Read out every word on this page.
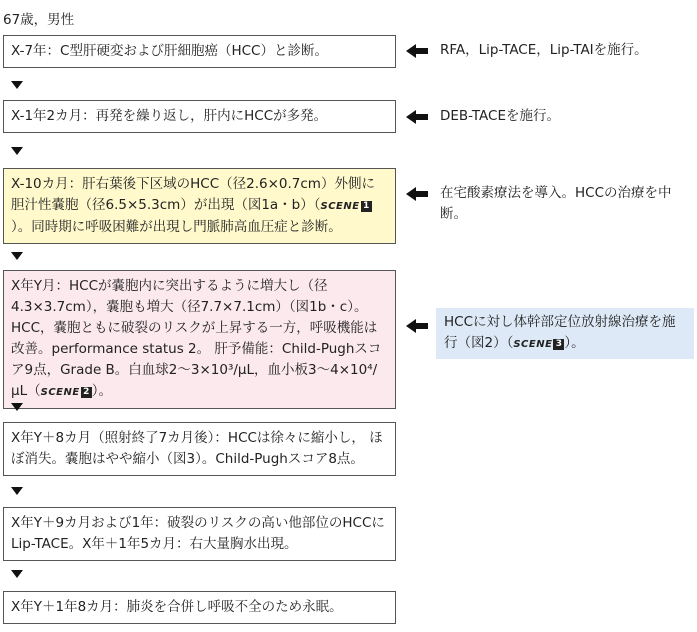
67歳，男性
X-7年：C型肝硬変および肝細胞癌（HCC）と診断。	RFA，Lip-TACE，Lip-TAIを施行。
X-1年2カ月：再発を繰り返し，肝内にHCCが多発。	DEB-TACEを施行。
X-10カ月：肝右葉後下区域のHCC（径2.6×0.7cm）外側に胆汁性嚢胞（径6.5×5.3cm）が出現（図1a・b）（SCENE 1）。同時期に呼吸困難が出現し門脈肺高血圧症と診断。
在宅酸素療法を導入。HCCの治療を中断。
X年Y月：HCCが嚢胞内に突出するように増大し（径4.3×3.7cm），嚢胞も増大（径7.7×7.1cm）（図1b・c）。HCC，嚢胞ともに破裂のリスクが上昇する一方，呼吸機能は改善。performance status 2。 肝予備能：Child-Pughスコア9点，Grade B。白血球2～3×10³/μL，血小板3～4×10⁴/μL（SCENE 2 ）。
HCCに対し体幹部定位放射線治療を施行（図2）（SCENE 3 ）。
X年Y＋8カ月（照射終了7カ月後）：HCCは徐々に縮小し， ほぼ消失。嚢胞はやや縮小（図3）。Child-Pughスコア8点。
X年Y＋9カ月および1年：破裂のリスクの高い他部位のHCCにLip-TACE。X年＋1年5カ月：右大量胸水出現。
X年Y＋1年8カ月：肺炎を合併し呼吸不全のため永眠。
